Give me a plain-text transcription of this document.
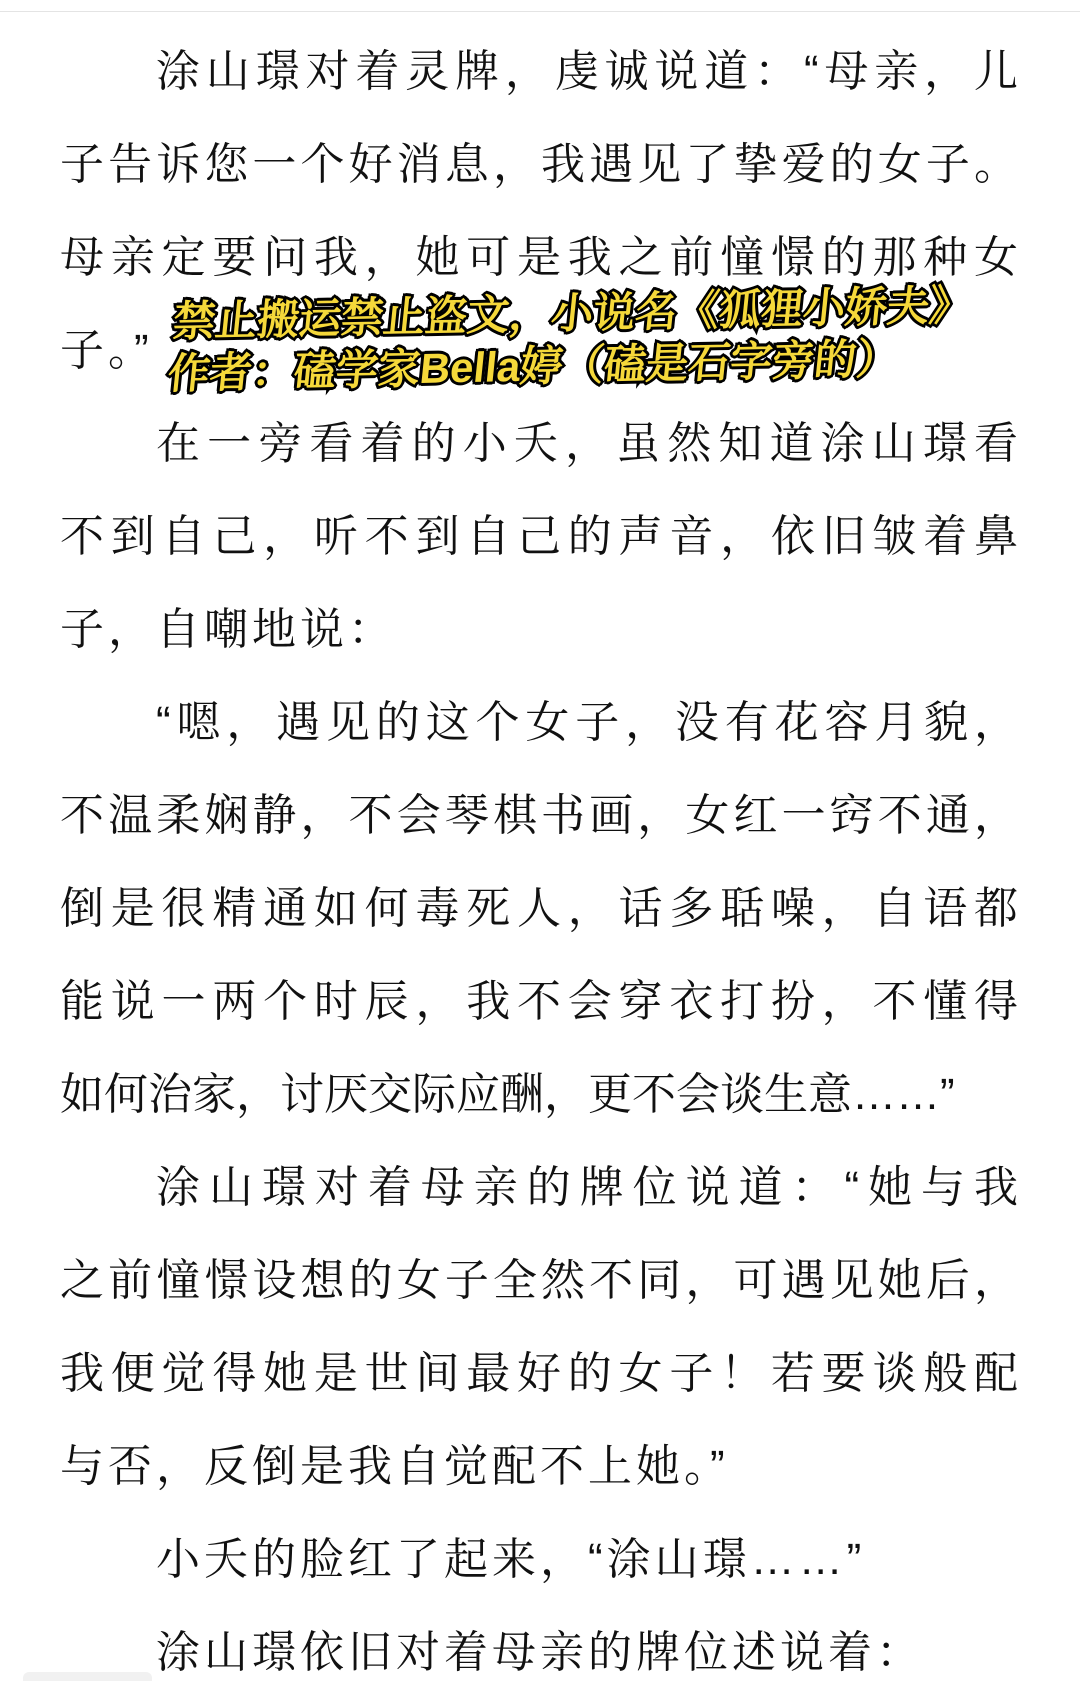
涂山璟对着灵牌，虔诚说道：“母亲，儿
子告诉您一个好消息，我遇见了挚爱的女子。
母亲定要问我，她可是我之前憧憬的那种女
子。”
在一旁看着的小夭，虽然知道涂山璟看
不到自己，听不到自己的声音，依旧皱着鼻
子，自嘲地说：
“嗯，遇见的这个女子，没有花容月貌，
不温柔娴静，不会琴棋书画，女红一窍不通，
倒是很精通如何毒死人，话多聒噪，自语都
能说一两个时辰，我不会穿衣打扮，不懂得
如何治家，讨厌交际应酬，更不会谈生意……”
涂山璟对着母亲的牌位说道：“她与我
之前憧憬设想的女子全然不同，可遇见她后，
我便觉得她是世间最好的女子！若要谈般配
与否，反倒是我自觉配不上她。”
小夭的脸红了起来，“涂山璟……”
涂山璟依旧对着母亲的牌位述说着：
禁止搬运禁止盗文，小说名《狐狸小娇夫》
作者：磕学家Bella婷（磕是石字旁的）
